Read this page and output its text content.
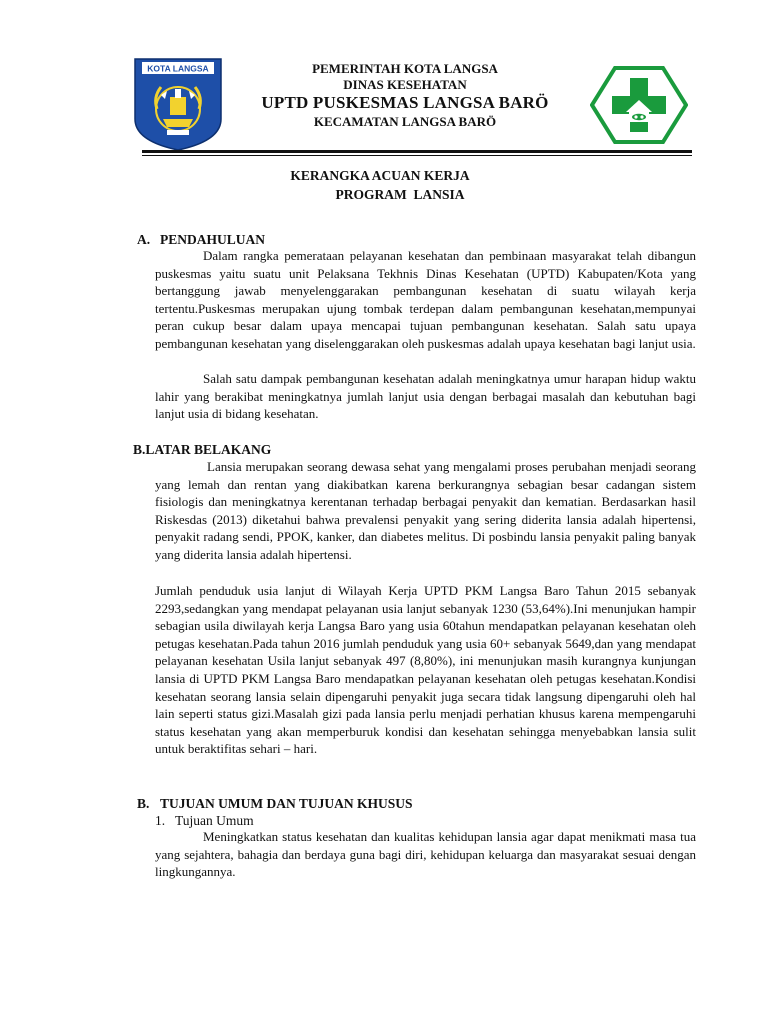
KOTA LANGSA	PEMERINTAH KOTA LANGSA
DINAS KESEHATAN
UPTD PUSKESMAS LANGSA BARÖ
KECAMATAN LANGSA BARÖ
KERANGKA ACUAN KERJA
PROGRAM  LANSIA
A. PENDAHULUAN

Dalam rangka pemerataan pelayanan kesehatan dan pembinaan masyarakat telah dibangun puskesmas yaitu suatu unit Pelaksana Tekhnis Dinas Kesehatan (UPTD) Kabupaten/Kota yang bertanggung jawab menyelenggarakan pembangunan kesehatan di suatu wilayah kerja tertentu.Puskesmas merupakan ujung tombak terdepan dalam pembangunan kesehatan,mempunyai peran cukup besar dalam upaya mencapai tujuan pembangunan kesehatan. Salah satu upaya pembangunan kesehatan yang diselenggarakan oleh puskesmas adalah upaya kesehatan bagi lanjut usia.

Salah satu dampak pembangunan kesehatan adalah meningkatnya umur harapan hidup waktu lahir yang berakibat meningkatnya jumlah lanjut usia dengan berbagai masalah dan kebutuhan bagi lanjut usia di bidang kesehatan.

B.LATAR BELAKANG

Lansia merupakan seorang dewasa sehat yang mengalami proses perubahan menjadi seorang yang lemah dan rentan yang diakibatkan karena berkurangnya sebagian besar cadangan sistem fisiologis dan meningkatnya kerentanan terhadap berbagai penyakit dan kematian. Berdasarkan hasil Riskesdas (2013) diketahui bahwa prevalensi penyakit yang sering diderita lansia adalah hipertensi, penyakit radang sendi, PPOK, kanker, dan diabetes melitus. Di posbindu lansia penyakit paling banyak yang diderita lansia adalah hipertensi.

Jumlah penduduk usia lanjut di Wilayah Kerja UPTD PKM Langsa Baro Tahun 2015 sebanyak 2293,sedangkan yang mendapat pelayanan usia lanjut sebanyak 1230 (53,64%).Ini menunjukan hampir sebagian usila diwilayah kerja Langsa Baro yang usia 60tahun mendapatkan pelayanan kesehatan oleh petugas kesehatan.Pada tahun 2016 jumlah penduduk yang usia 60+ sebanyak 5649,dan yang mendapat pelayanan kesehatan Usila lanjut sebanyak 497 (8,80%), ini menunjukan masih kurangnya kunjungan lansia di UPTD PKM Langsa Baro mendapatkan pelayanan kesehatan oleh petugas kesehatan.Kondisi kesehatan seorang lansia selain dipengaruhi penyakit juga secara tidak langsung dipengaruhi oleh hal lain seperti status gizi.Masalah gizi pada lansia perlu menjadi perhatian khusus karena mempengaruhi status kesehatan yang akan memperburuk kondisi dan kesehatan sehingga menyebabkan lansia sulit untuk beraktifitas sehari – hari.

B. TUJUAN UMUM DAN TUJUAN KHUSUS
1. Tujuan Umum

Meningkatkan status kesehatan dan kualitas kehidupan lansia agar dapat menikmati masa tua yang sejahtera, bahagia dan berdaya guna bagi diri, kehidupan keluarga dan masyarakat sesuai dengan lingkungannya.
